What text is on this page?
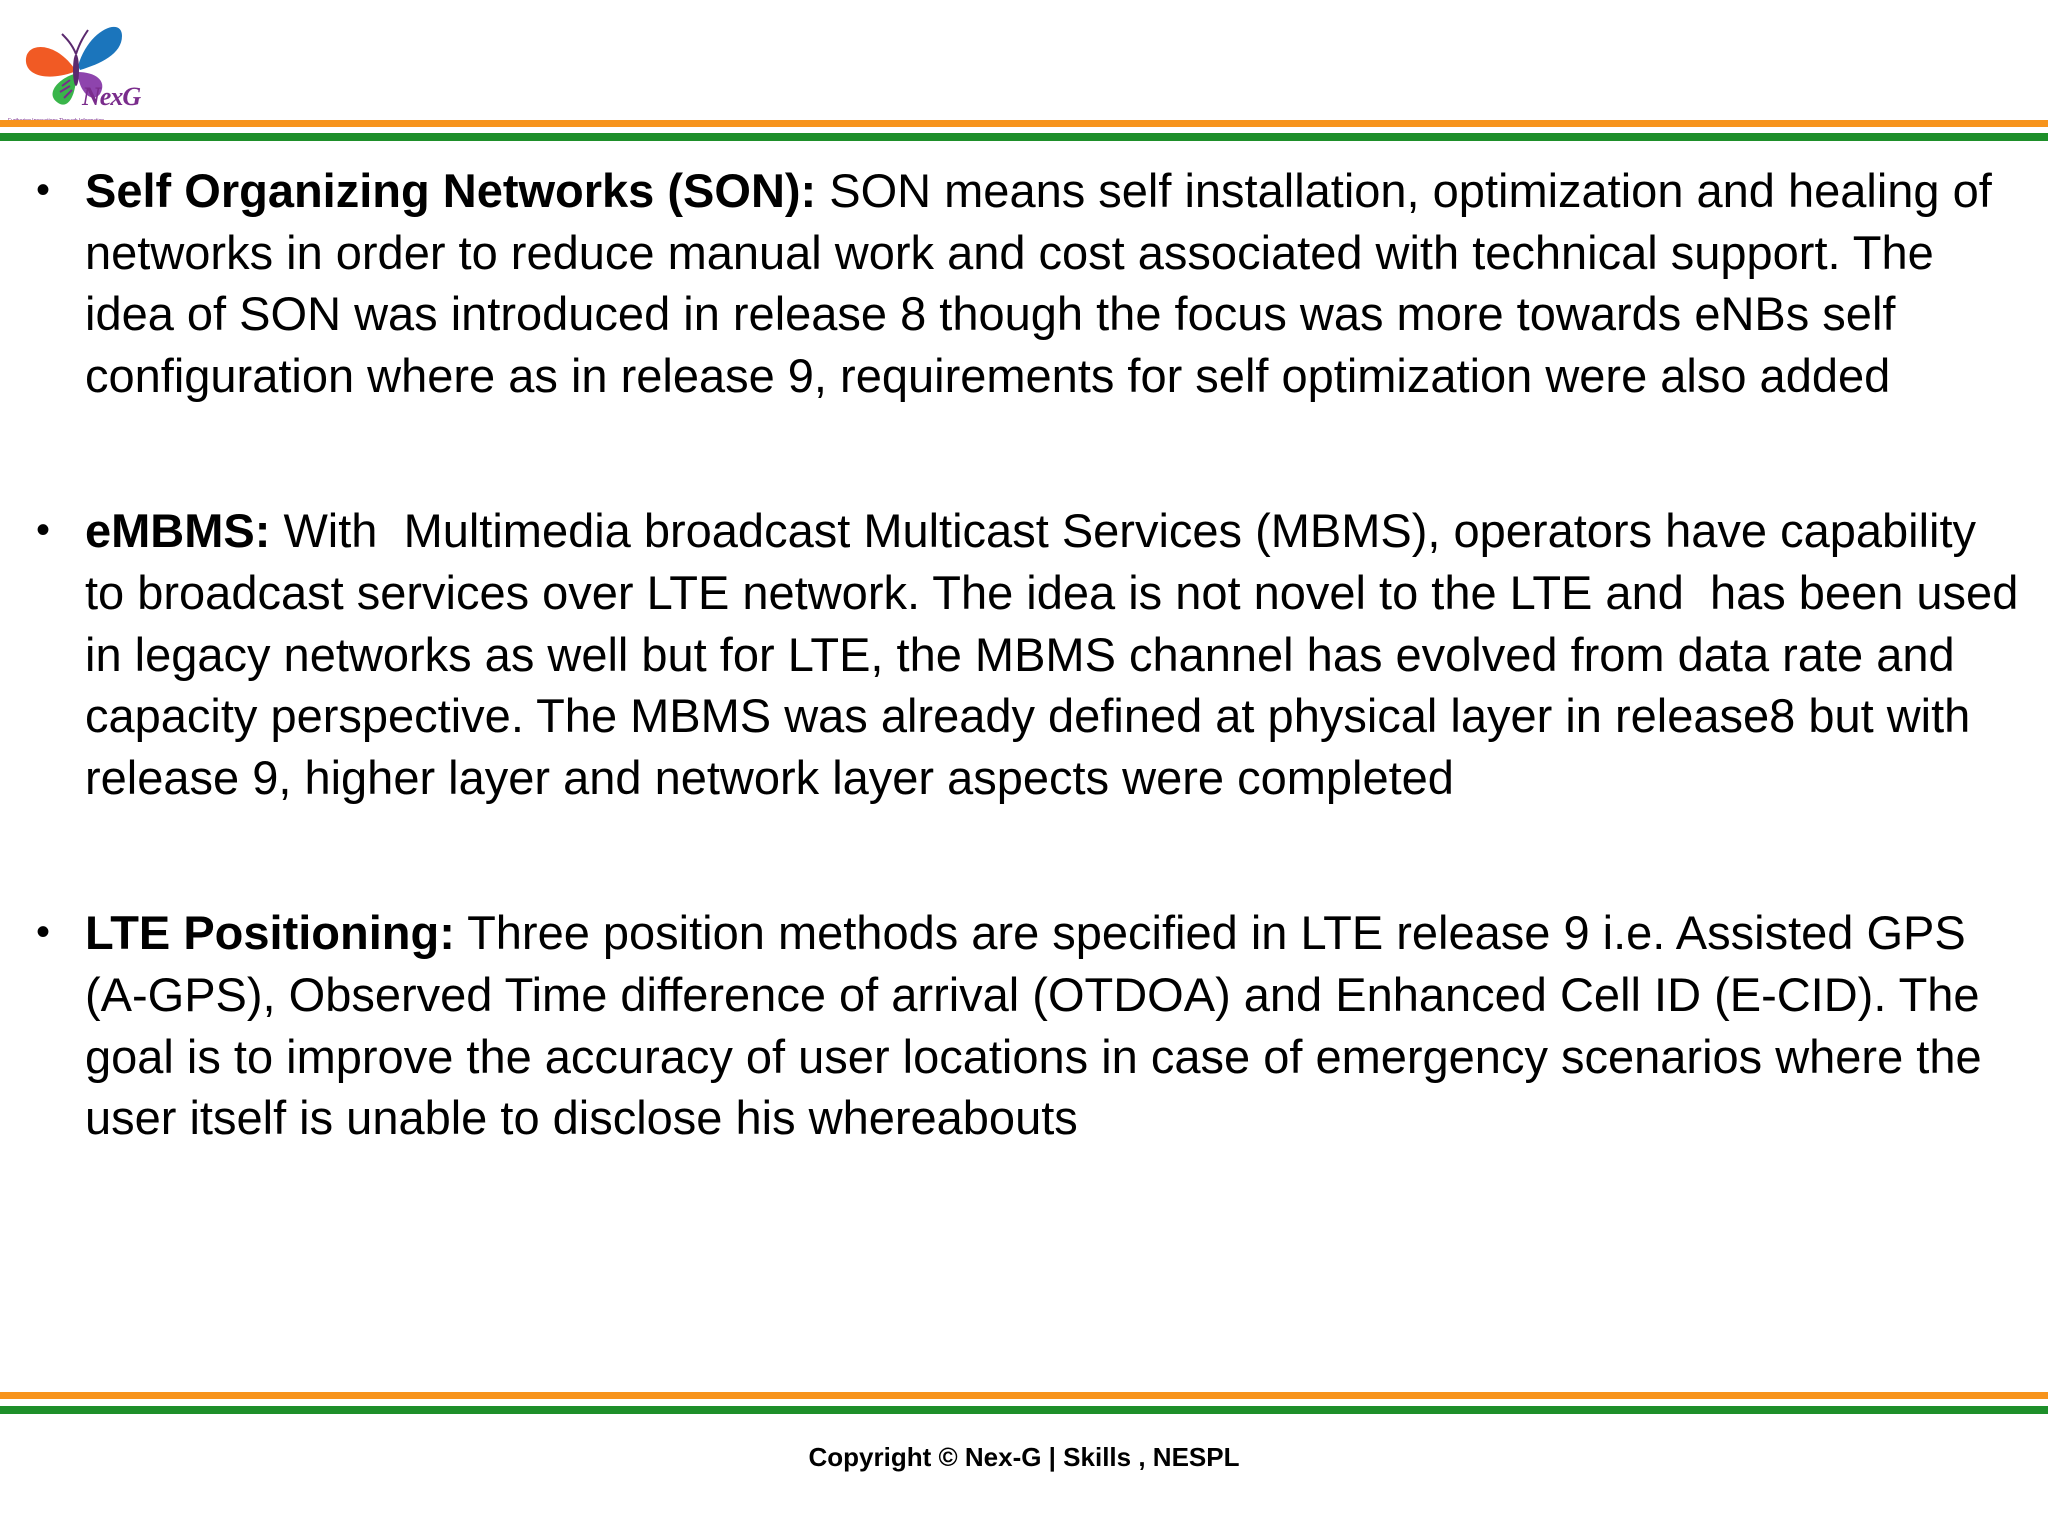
NexG
• Self Organizing Networks (SON): SON means self installation, optimization and healing of networks in order to reduce manual work and cost associated with technical support. The idea of SON was introduced in release 8 though the focus was more towards eNBs self configuration where as in release 9, requirements for self optimization were also added
• eMBMS: With  Multimedia broadcast Multicast Services (MBMS), operators have capability to broadcast services over LTE network. The idea is not novel to the LTE and  has been used in legacy networks as well but for LTE, the MBMS channel has evolved from data rate and capacity perspective. The MBMS was already defined at physical layer in release8 but with release 9, higher layer and network layer aspects were completed
• LTE Positioning: Three position methods are specified in LTE release 9 i.e. Assisted GPS (A-GPS), Observed Time difference of arrival (OTDOA) and Enhanced Cell ID (E-CID). The goal is to improve the accuracy of user locations in case of emergency scenarios where the user itself is unable to disclose his whereabouts
Copyright © Nex-G | Skills , NESPL
